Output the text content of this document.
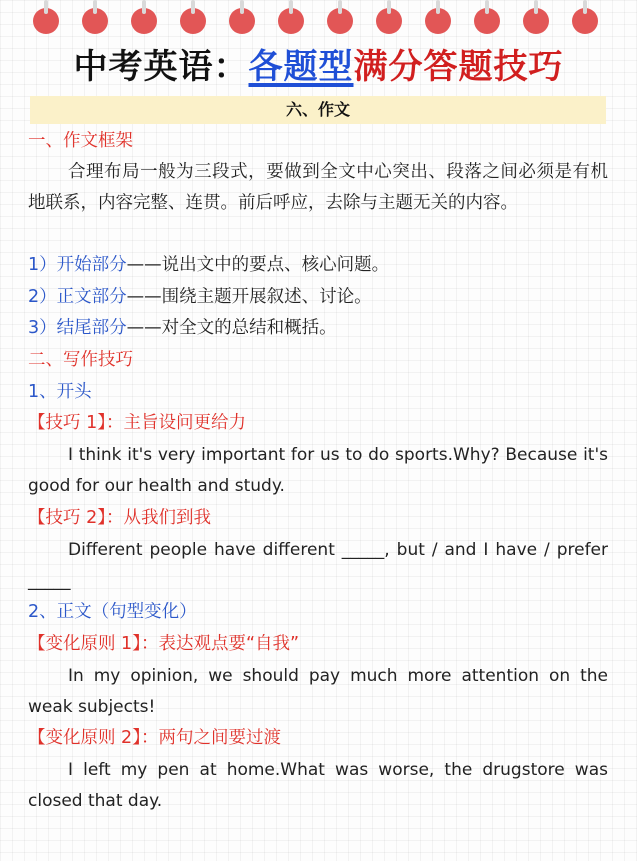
中考英语：各题型满分答题技巧
六、作文
一、作文框架
合理布局一般为三段式，要做到全文中心突出、段落之间必须是有机地联系，内容完整、连贯。前后呼应，去除与主题无关的内容。
1）开始部分——说出文中的要点、核心问题。
2）正文部分——围绕主题开展叙述、讨论。
3）结尾部分——对全文的总结和概括。
二、写作技巧
1、开头
【技巧 1】：主旨设问更给力
I think it's very important for us to do sports.Why? Because it's good for our health and study.
【技巧 2】：从我们到我
Different people have different _____, but / and I have / prefer _____
2、正文（句型变化）
【变化原则 1】：表达观点要“自我”
In my opinion, we should pay much more attention on the weak subjects!
【变化原则 2】：两句之间要过渡
I left my pen at home.What was worse, the drugstore was closed that day.
